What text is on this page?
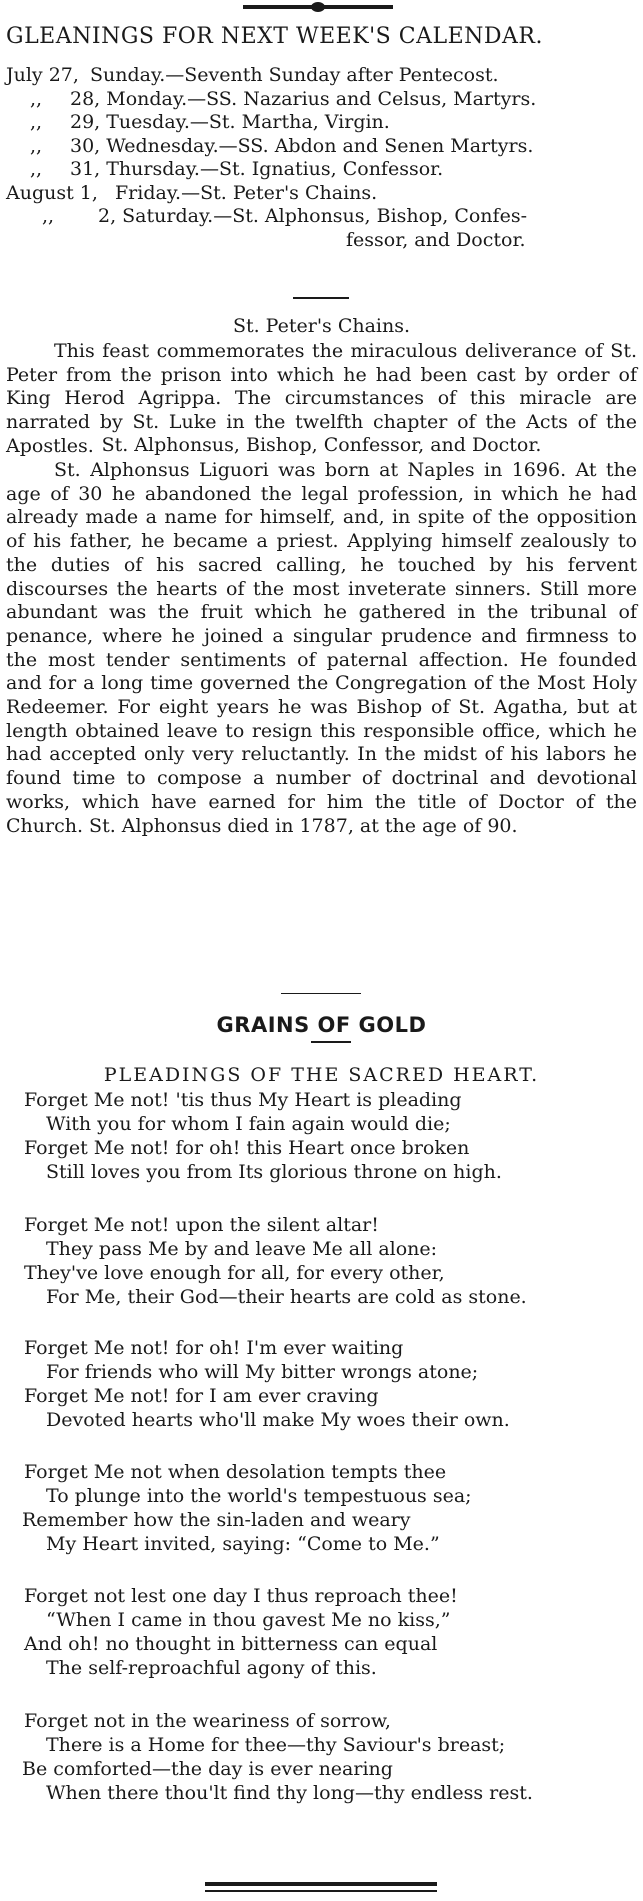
GLEANINGS FOR NEXT WEEK'S CALENDAR.
July 27, Sunday.—Seventh Sunday after Pentecost.
,, 28, Monday.—SS. Nazarius and Celsus, Martyrs.
,, 29, Tuesday.—St. Martha, Virgin.
,, 30, Wednesday.—SS. Abdon and Senen Martyrs.
,, 31, Thursday.—St. Ignatius, Confessor.
August 1, Friday.—St. Peter's Chains.
,, 2, Saturday.—St. Alphonsus, Bishop, Confes-
fessor, and Doctor.
St. Peter's Chains.
This feast commemorates the miraculous deliverance of St. Peter from the prison into which he had been cast by order of King Herod Agrippa. The circumstances of this miracle are narrated by St. Luke in the twelfth chapter of the Acts of the Apostles. St. Alphonsus, Bishop, Confessor, and Doctor.
St. Alphonsus Liguori was born at Naples in 1696. At the age of 30 he abandoned the legal profession, in which he had already made a name for himself, and, in spite of the opposition of his father, he became a priest. Applying himself zealously to the duties of his sacred calling, he touched by his fervent discourses the hearts of the most inveterate sinners. Still more abundant was the fruit which he gathered in the tribunal of penance, where he joined a singular prudence and firmness to the most tender sentiments of paternal affection. He founded and for a long time governed the Congregation of the Most Holy Redeemer. For eight years he was Bishop of St. Agatha, but at length obtained leave to resign this responsible office, which he had accepted only very reluctantly. In the midst of his labors he found time to compose a number of doctrinal and devotional works, which have earned for him the title of Doctor of the Church. St. Alphonsus died in 1787, at the age of 90.
GRAINS OF GOLD
PLEADINGS OF THE SACRED HEART.
Forget Me not! 'tis thus My Heart is pleading
With you for whom I fain again would die;
Forget Me not! for oh! this Heart once broken
Still loves you from Its glorious throne on high.
Forget Me not! upon the silent altar!
They pass Me by and leave Me all alone:
They've love enough for all, for every other,
For Me, their God—their hearts are cold as stone.
Forget Me not! for oh! I'm ever waiting
For friends who will My bitter wrongs atone;
Forget Me not! for I am ever craving
Devoted hearts who'll make My woes their own.
Forget Me not when desolation tempts thee
To plunge into the world's tempestuous sea;
Remember how the sin-laden and weary
My Heart invited, saying: “Come to Me.”
Forget not lest one day I thus reproach thee!
“When I came in thou gavest Me no kiss,”
And oh! no thought in bitterness can equal
The self-reproachful agony of this.
Forget not in the weariness of sorrow,
There is a Home for thee—thy Saviour's breast;
Be comforted—the day is ever nearing
When there thou'lt find thy long—thy endless rest.
